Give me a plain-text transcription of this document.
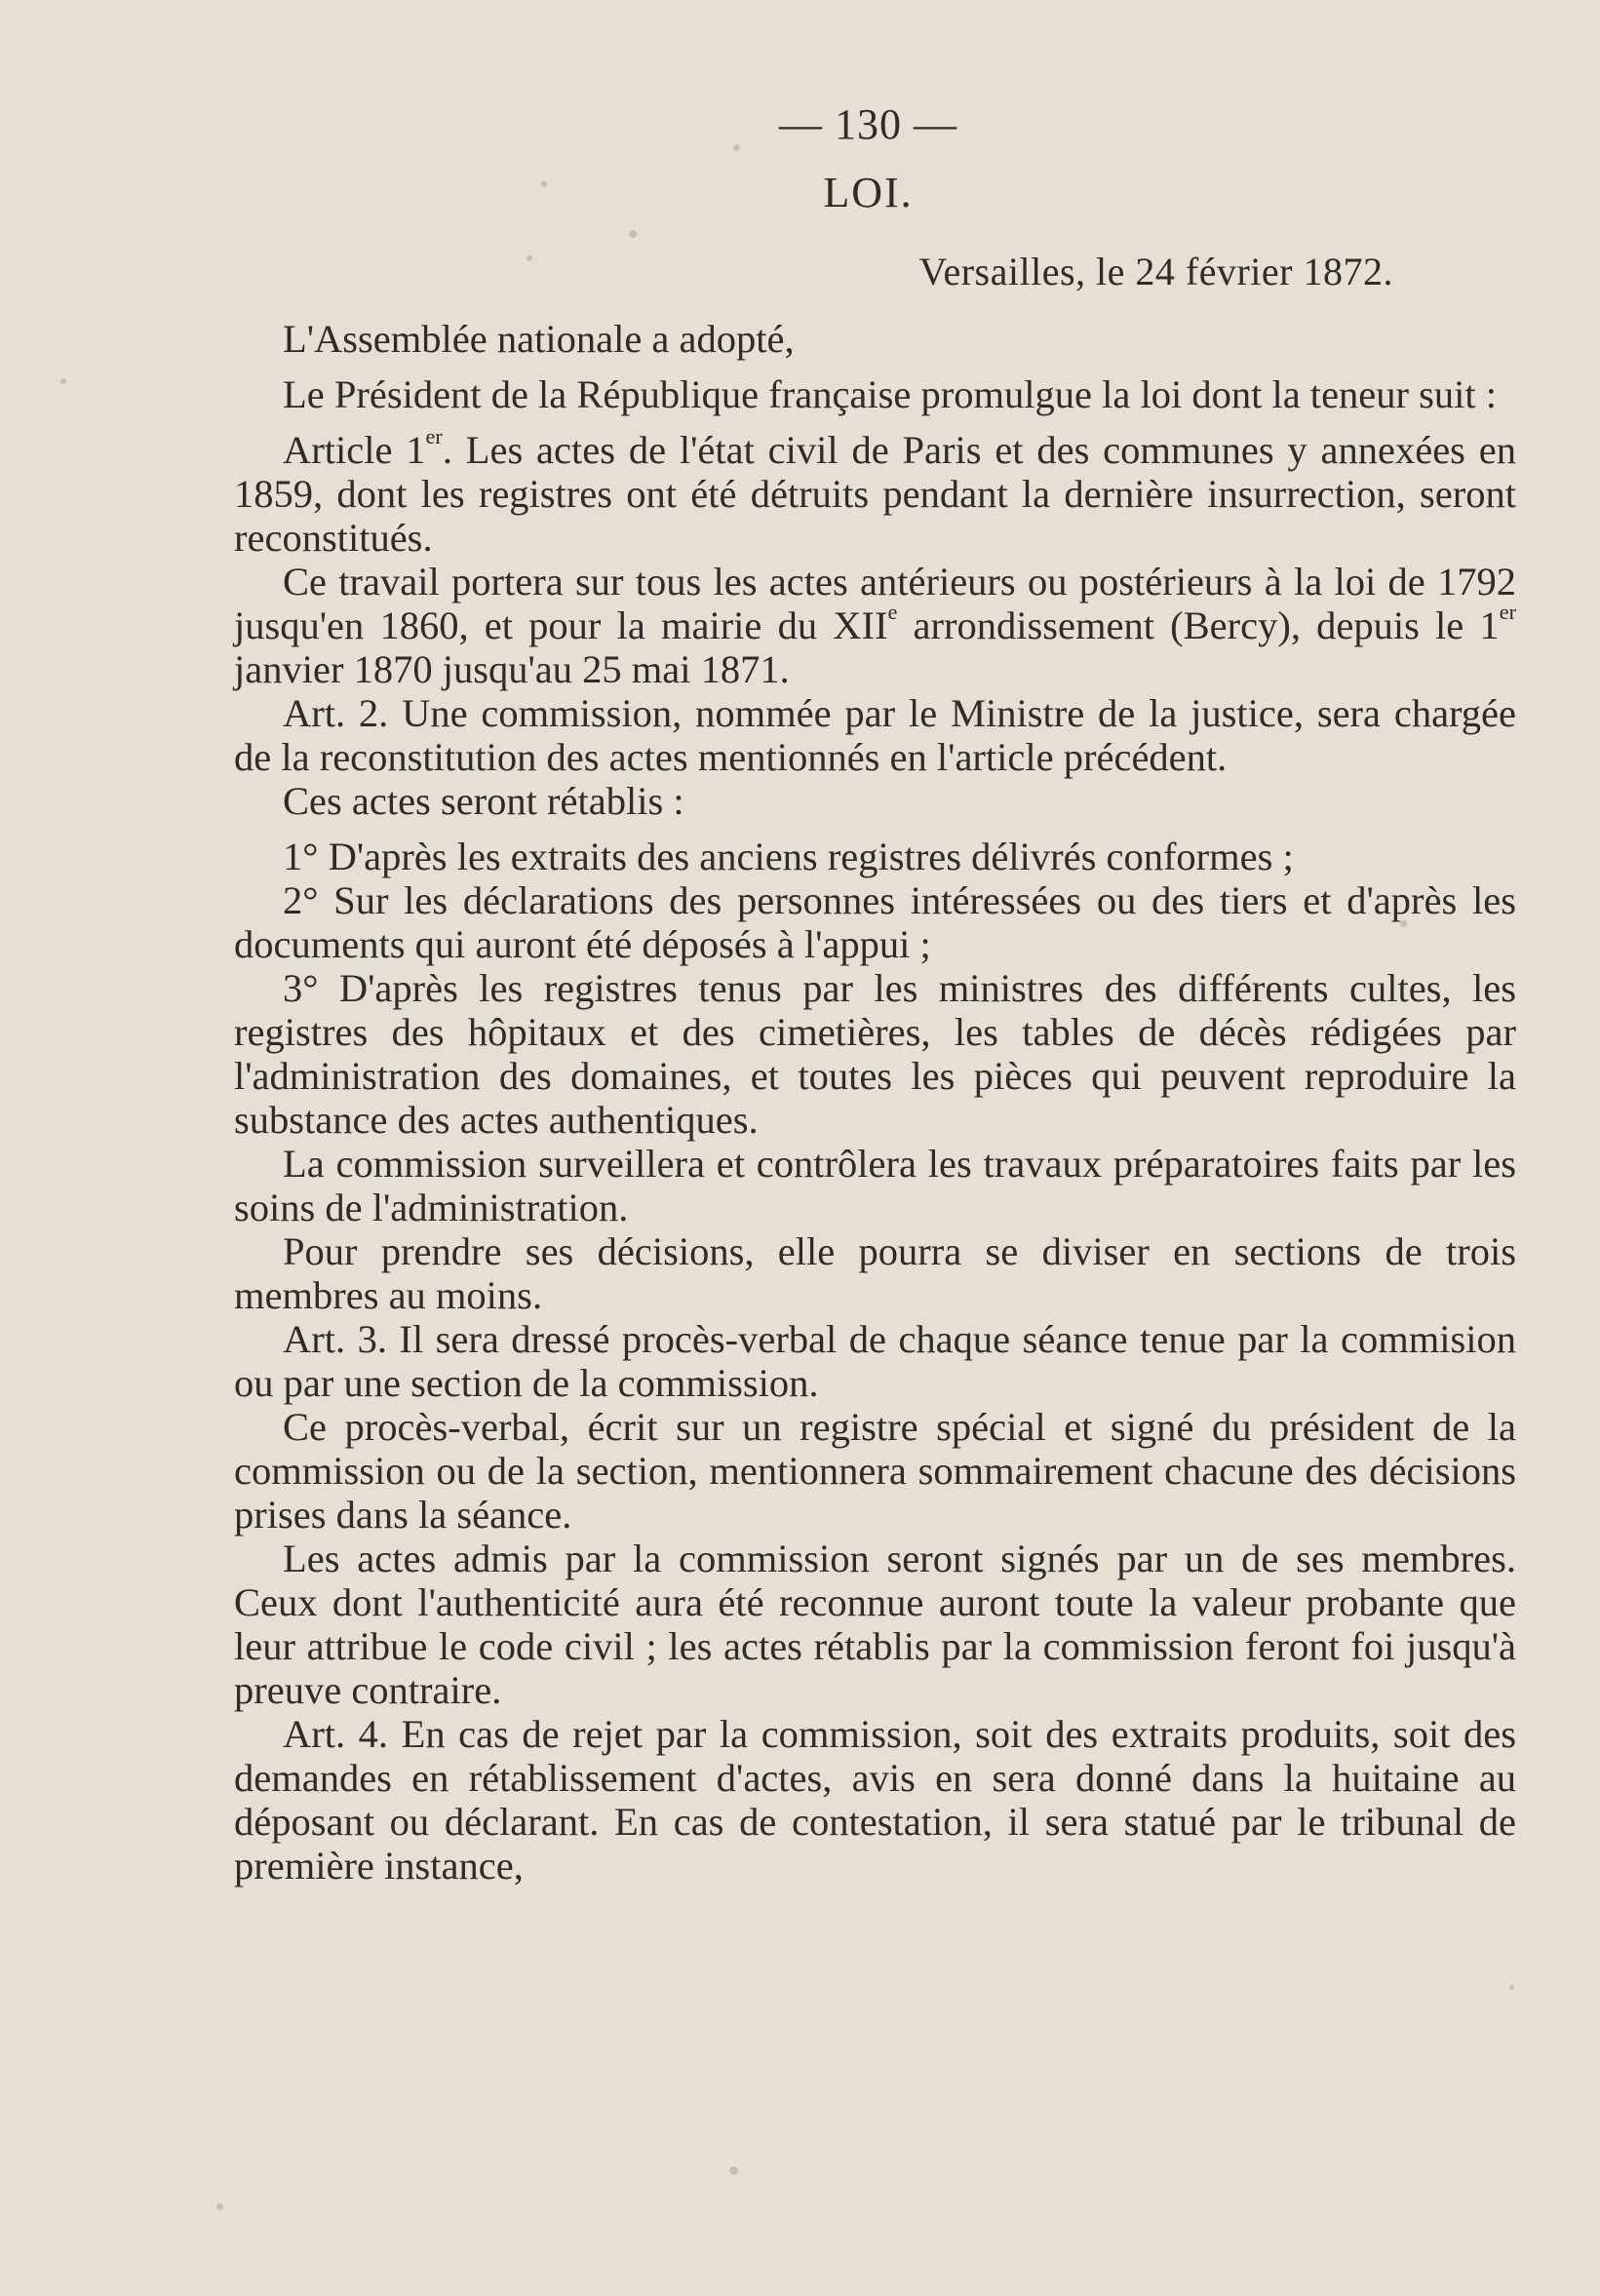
— 130 —
LOI.
Versailles, le 24 février 1872.

L'Assemblée nationale a adopté,

Le Président de la République française promulgue la loi dont la teneur suit :

Article 1er. Les actes de l'état civil de Paris et des communes y annexées en 1859, dont les registres ont été détruits pendant la dernière insurrection, seront reconstitués.

Ce travail portera sur tous les actes antérieurs ou postérieurs à la loi de 1792 jusqu'en 1860, et pour la mairie du XIIe arrondissement (Bercy), depuis le 1er janvier 1870 jusqu'au 25 mai 1871.

Art. 2. Une commission, nommée par le Ministre de la justice, sera chargée de la reconstitution des actes mentionnés en l'article précédent.

Ces actes seront rétablis :

1° D'après les extraits des anciens registres délivrés conformes ;

2° Sur les déclarations des personnes intéressées ou des tiers et d'après les documents qui auront été déposés à l'appui ;

3° D'après les registres tenus par les ministres des différents cultes, les registres des hôpitaux et des cimetières, les tables de décès rédigées par l'administration des domaines, et toutes les pièces qui peuvent reproduire la substance des actes authentiques.

La commission surveillera et contrôlera les travaux préparatoires faits par les soins de l'administration.

Pour prendre ses décisions, elle pourra se diviser en sections de trois membres au moins.

Art. 3. Il sera dressé procès-verbal de chaque séance tenue par la commision ou par une section de la commission.

Ce procès-verbal, écrit sur un registre spécial et signé du président de la commission ou de la section, mentionnera sommairement chacune des décisions prises dans la séance.

Les actes admis par la commission seront signés par un de ses membres. Ceux dont l'authenticité aura été reconnue auront toute la valeur probante que leur attribue le code civil ; les actes rétablis par la commission feront foi jusqu'à preuve contraire.

Art. 4. En cas de rejet par la commission, soit des extraits produits, soit des demandes en rétablissement d'actes, avis en sera donné dans la huitaine au déposant ou déclarant. En cas de contestation, il sera statué par le tribunal de première instance,
